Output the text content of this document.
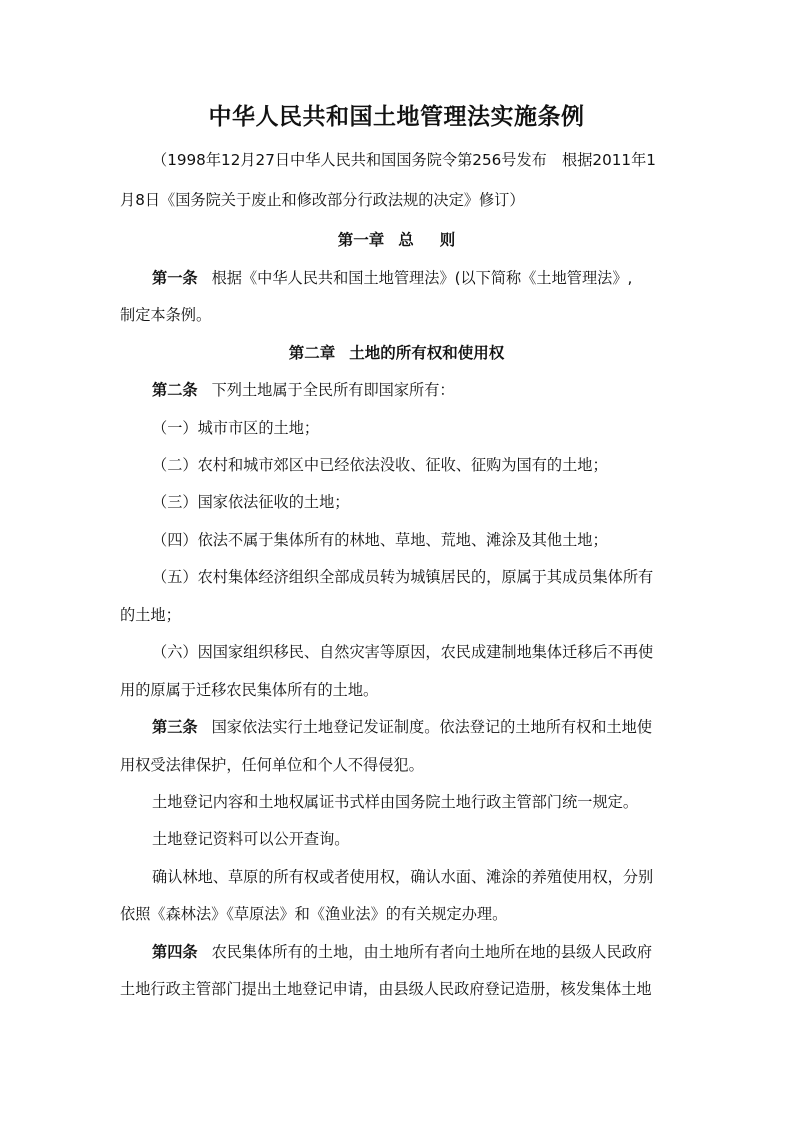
中华人民共和国土地管理法实施条例
（1998年12月27日中华人民共和国国务院令第256号发布　根据2011年1
月8日《国务院关于废止和修改部分行政法规的决定》修订）
第一章 总 则
第一条 根据《中华人民共和国土地管理法》(以下简称《土地管理法》,
制定本条例。
第二章 土地的所有权和使用权
第二条 下列土地属于全民所有即国家所有：
（一）城市市区的土地；
（二）农村和城市郊区中已经依法没收、征收、征购为国有的土地；
（三）国家依法征收的土地；
（四）依法不属于集体所有的林地、草地、荒地、滩涂及其他土地；
（五）农村集体经济组织全部成员转为城镇居民的，原属于其成员集体所有
的土地；
（六）因国家组织移民、自然灾害等原因，农民成建制地集体迁移后不再使
用的原属于迁移农民集体所有的土地。
第三条 国家依法实行土地登记发证制度。依法登记的土地所有权和土地使
用权受法律保护，任何单位和个人不得侵犯。
土地登记内容和土地权属证书式样由国务院土地行政主管部门统一规定。
土地登记资料可以公开查询。
确认林地、草原的所有权或者使用权，确认水面、滩涂的养殖使用权，分别
依照《森林法》《草原法》和《渔业法》的有关规定办理。
第四条 农民集体所有的土地，由土地所有者向土地所在地的县级人民政府
土地行政主管部门提出土地登记申请，由县级人民政府登记造册，核发集体土地
